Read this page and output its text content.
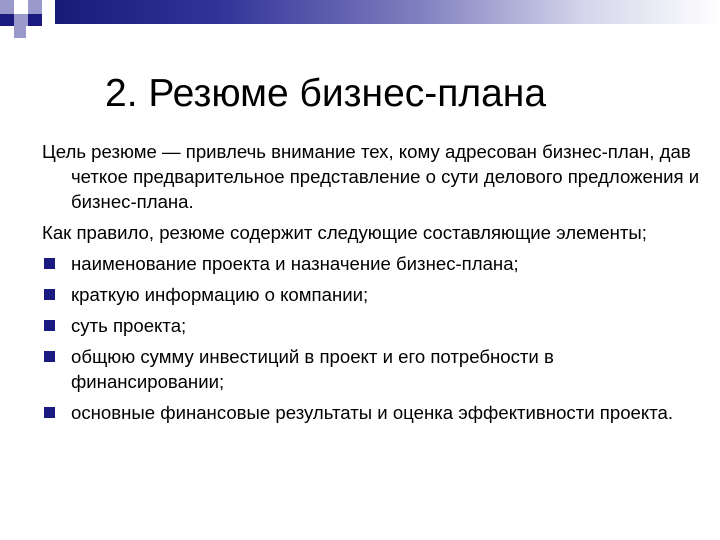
2. Резюме бизнес-плана

Цель резюме — привлечь внимание тех, кому адресован бизнес-план, дав четкое предварительное представление о сути делового предложения и бизнес-плана.

Как правило, резюме содержит следующие составляющие элементы;

наименование проекта и назначение бизнес-плана;
краткую информацию о компании;
суть проекта;
общюю сумму инвестиций в проект и его потребности в финансировании;
основные финансовые результаты и оценка эффективности проекта.
